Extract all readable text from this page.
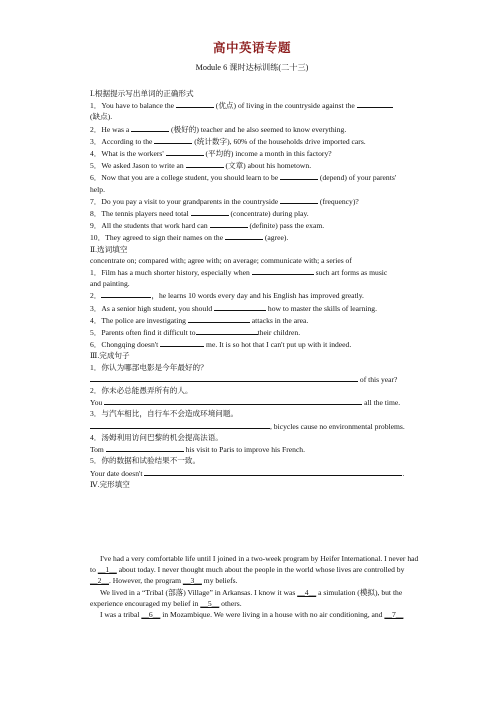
高中英语专题
Module 6 课时达标训练(二十三)
Ⅰ.根据提示写出单词的正确形式
1．You have to balance the	(优点) of living in the countryside against the
(缺点).
2．He was a	(极好的) teacher and he also seemed to know everything.
3．According to the	(统计数字), 60% of the households drive imported cars.
4．What is the workers'	(平均的) income a month in this factory?
5．We asked Jason to write an	(文章) about his hometown.
6．Now that you are a college student, you should learn to be	(depend) of your parents'
help.
7．Do you pay a visit to your grandparents in the countryside	(frequency)?
8．The tennis players need total	(concentrate) during play.
9．All the students that work hard can	(definite) pass the exam.
10．They agreed to sign their names on the	(agree).
Ⅱ.选词填空
concentrate on; compared with; agree with; on average; communicate with; a series of
1．Film has a much shorter history, especially when	such art forms as music
and painting.
2．	，he learns 10 words every day and his English has improved greatly.
3．As a senior high student, you should	how to master the skills of learning.
4．The police are investigating	attacks in the area.
5．Parents often find it difficult to	their children.
6．Chongqing doesn't	me. It is so hot that I can't put up with it indeed.
Ⅲ.完成句子
1．你认为哪部电影是今年最好的？
of this year?
2．你未必总能愚弄所有的人。
You	all the time.
3．与汽车相比，自行车不会造成环境问题。
, bicycles cause no environmental problems.
4．汤姆利用访问巴黎的机会提高法语。
Tom	his visit to Paris to improve his French.
5．你的数据和试验结果不一致。
Your date doesn't	.
Ⅳ.完形填空

I've had a very comfortable life until I joined in a two-week program by Heifer International. I never had to __1__ about today. I never thought much about the people in the world whose lives are controlled by __2__. However, the program __3__ my beliefs.

We lived in a “Tribal (部落) Village” in Arkansas. I know it was __4__ a simulation (模拟), but the experience encouraged my belief in __5__ others.

I was a tribal __6__ in Mozambique. We were living in a house with no air conditioning, and __7__
